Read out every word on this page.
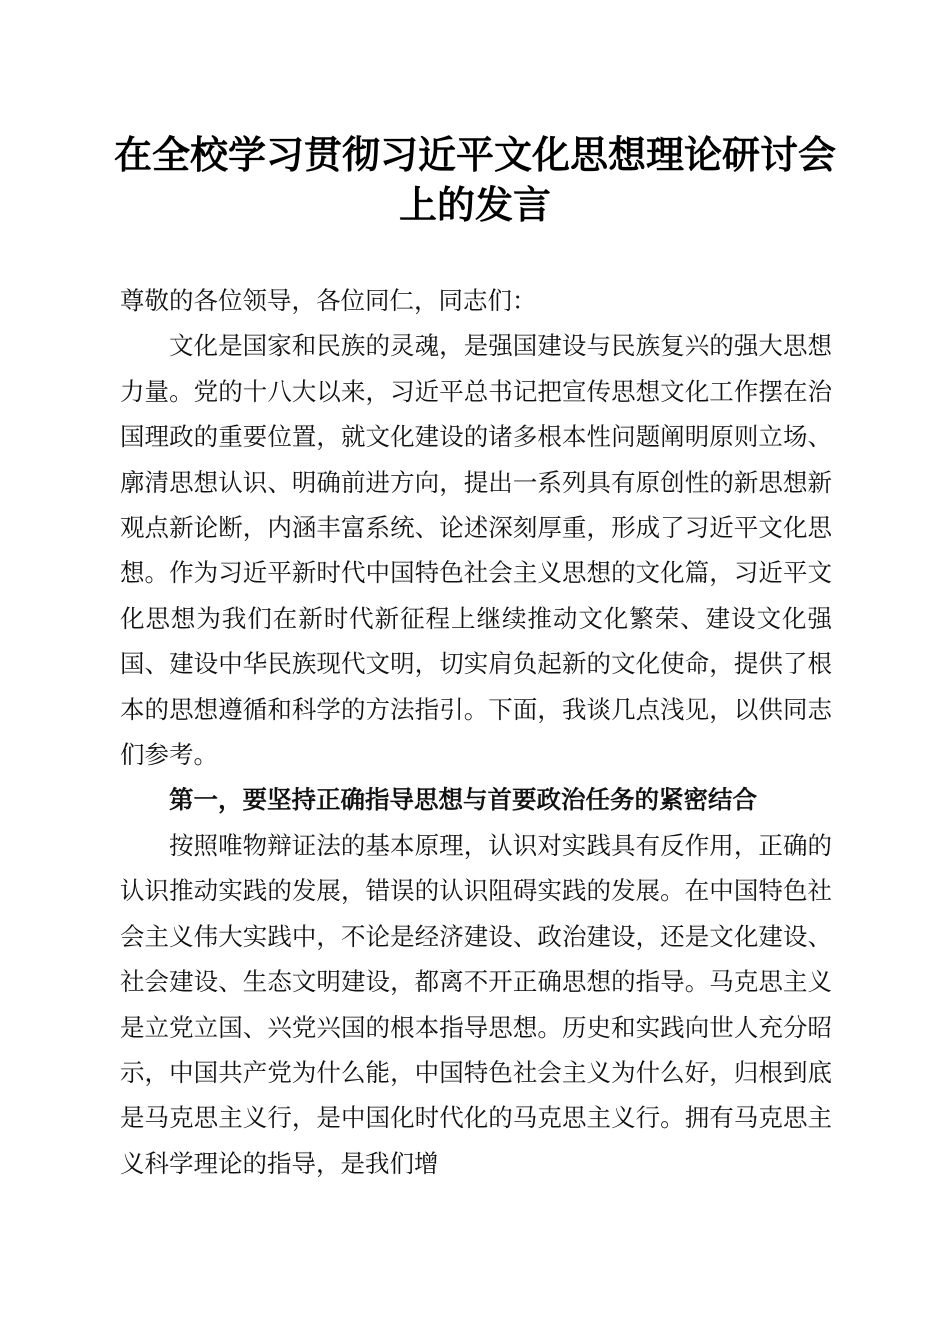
在全校学习贯彻习近平文化思想理论研讨会上的发言

尊敬的各位领导，各位同仁，同志们：

文化是国家和民族的灵魂，是强国建设与民族复兴的强大思想力量。党的十八大以来，习近平总书记把宣传思想文化工作摆在治国理政的重要位置，就文化建设的诸多根本性问题阐明原则立场、廓清思想认识、明确前进方向，提出一系列具有原创性的新思想新观点新论断，内涵丰富系统、论述深刻厚重，形成了习近平文化思想。作为习近平新时代中国特色社会主义思想的文化篇，习近平文化思想为我们在新时代新征程上继续推动文化繁荣、建设文化强国、建设中华民族现代文明，切实肩负起新的文化使命，提供了根本的思想遵循和科学的方法指引。下面，我谈几点浅见，以供同志们参考。

第一，要坚持正确指导思想与首要政治任务的紧密结合

按照唯物辩证法的基本原理，认识对实践具有反作用，正确的认识推动实践的发展，错误的认识阻碍实践的发展。在中国特色社会主义伟大实践中，不论是经济建设、政治建设，还是文化建设、社会建设、生态文明建设，都离不开正确思想的指导。马克思主义是立党立国、兴党兴国的根本指导思想。历史和实践向世人充分昭示，中国共产党为什么能，中国特色社会主义为什么好，归根到底是马克思主义行，是中国化时代化的马克思主义行。拥有马克思主义科学理论的指导，是我们增
